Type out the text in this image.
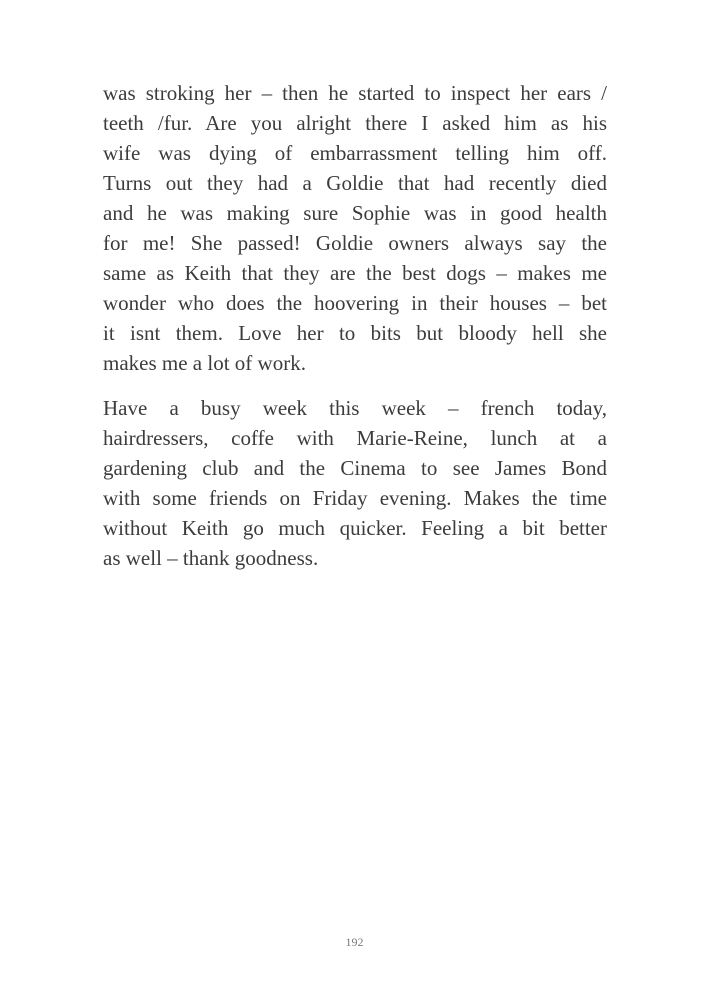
was stroking her – then he started to inspect her ears /
teeth /fur. Are you alright there I asked him as his
wife was dying of embarrassment telling him off.
Turns out they had a Goldie that had recently died
and he was making sure Sophie was in good health
for me! She passed! Goldie owners always say the
same as Keith that they are the best dogs – makes me
wonder who does the hoovering in their houses – bet
it isnt them. Love her to bits but bloody hell she
makes me a lot of work.

Have a busy week this week – french today,
hairdressers, coffe with Marie-Reine, lunch at a
gardening club and the Cinema to see James Bond
with some friends on Friday evening. Makes the time
without Keith go much quicker. Feeling a bit better
as well – thank goodness.

192
